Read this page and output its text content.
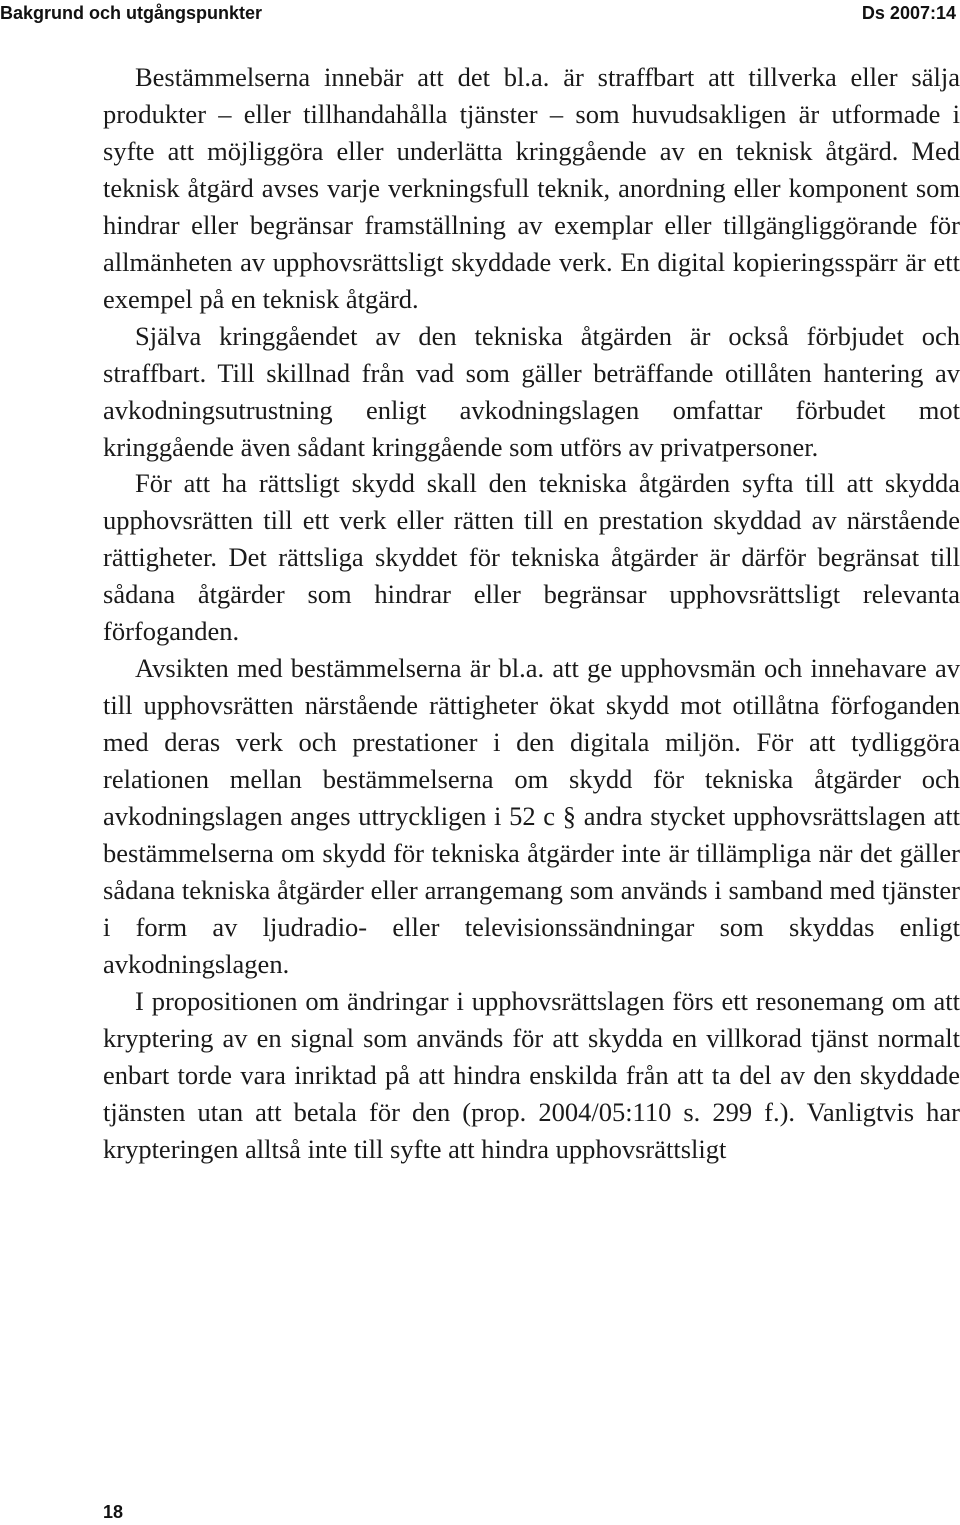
Bakgrund och utgångspunkter	Ds 2007:14

Bestämmelserna innebär att det bl.a. är straffbart att tillverka eller sälja produkter – eller tillhandahålla tjänster – som huvudsakligen är utformade i syfte att möjliggöra eller underlätta kringgående av en teknisk åtgärd. Med teknisk åtgärd avses varje verkningsfull teknik, anordning eller komponent som hindrar eller begränsar framställning av exemplar eller tillgängliggörande för allmänheten av upphovsrättsligt skyddade verk. En digital kopieringsspärr är ett exempel på en teknisk åtgärd.

Själva kringgåendet av den tekniska åtgärden är också förbjudet och straffbart. Till skillnad från vad som gäller beträffande otillåten hantering av avkodningsutrustning enligt avkodningslagen omfattar förbudet mot kringgående även sådant kringgående som utförs av privatpersoner.

För att ha rättsligt skydd skall den tekniska åtgärden syfta till att skydda upphovsrätten till ett verk eller rätten till en prestation skyddad av närstående rättigheter. Det rättsliga skyddet för tekniska åtgärder är därför begränsat till sådana åtgärder som hindrar eller begränsar upphovsrättsligt relevanta förfoganden.

Avsikten med bestämmelserna är bl.a. att ge upphovsmän och innehavare av till upphovsrätten närstående rättigheter ökat skydd mot otillåtna förfoganden med deras verk och prestationer i den digitala miljön. För att tydliggöra relationen mellan bestämmelserna om skydd för tekniska åtgärder och avkodningslagen anges uttryckligen i 52 c § andra stycket upphovsrättslagen att bestämmelserna om skydd för tekniska åtgärder inte är tillämpliga när det gäller sådana tekniska åtgärder eller arrangemang som används i samband med tjänster i form av ljudradio- eller televisionssändningar som skyddas enligt avkodningslagen.

I propositionen om ändringar i upphovsrättslagen förs ett resonemang om att kryptering av en signal som används för att skydda en villkorad tjänst normalt enbart torde vara inriktad på att hindra enskilda från att ta del av den skyddade tjänsten utan att betala för den (prop. 2004/05:110 s. 299 f.). Vanligtvis har krypteringen alltså inte till syfte att hindra upphovsrättsligt

18
